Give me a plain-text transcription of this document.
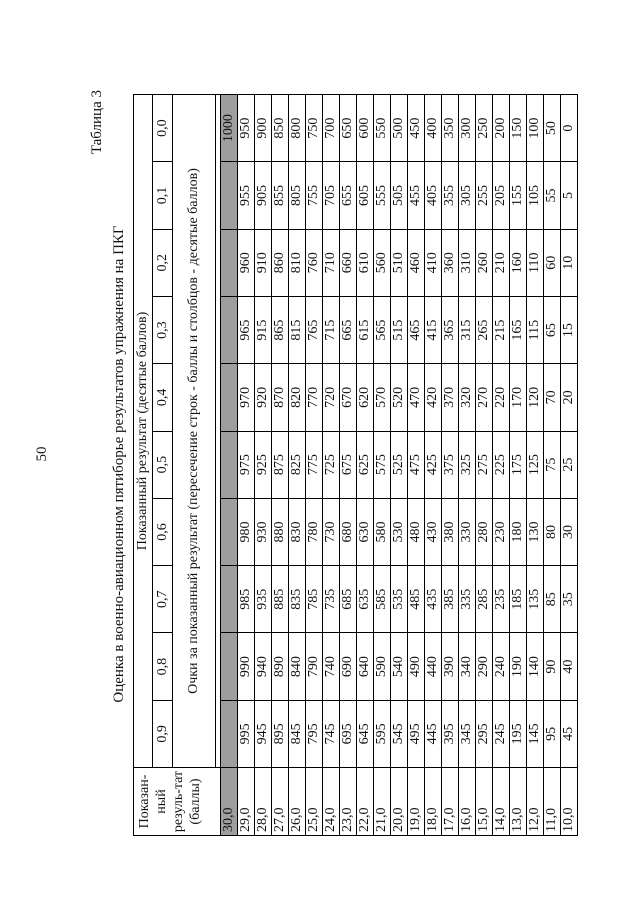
50
Таблица 3
Оценка в военно-авиационном пятиборье результатов упражнения на ПКГ
Показан-ный резуль-тат (баллы)	Показанный результат (десятые баллов)									
	0,9	0,8	0,7	0,6	0,5	0,4	0,3	0,2	0,1	0,0
	Очки за показанный результат (пересечение строк - баллы и столбцов - десятые баллов)									

30,0										1000
29,0	995	990	985	980	975	970	965	960	955	950
28,0	945	940	935	930	925	920	915	910	905	900
27,0	895	890	885	880	875	870	865	860	855	850
26,0	845	840	835	830	825	820	815	810	805	800
25,0	795	790	785	780	775	770	765	760	755	750
24,0	745	740	735	730	725	720	715	710	705	700
23,0	695	690	685	680	675	670	665	660	655	650
22,0	645	640	635	630	625	620	615	610	605	600
21,0	595	590	585	580	575	570	565	560	555	550
20,0	545	540	535	530	525	520	515	510	505	500
19,0	495	490	485	480	475	470	465	460	455	450
18,0	445	440	435	430	425	420	415	410	405	400
17,0	395	390	385	380	375	370	365	360	355	350
16,0	345	340	335	330	325	320	315	310	305	300
15,0	295	290	285	280	275	270	265	260	255	250
14,0	245	240	235	230	225	220	215	210	205	200
13,0	195	190	185	180	175	170	165	160	155	150
12,0	145	140	135	130	125	120	115	110	105	100
11,0	95	90	85	80	75	70	65	60	55	50
10,0	45	40	35	30	25	20	15	10	5	0
